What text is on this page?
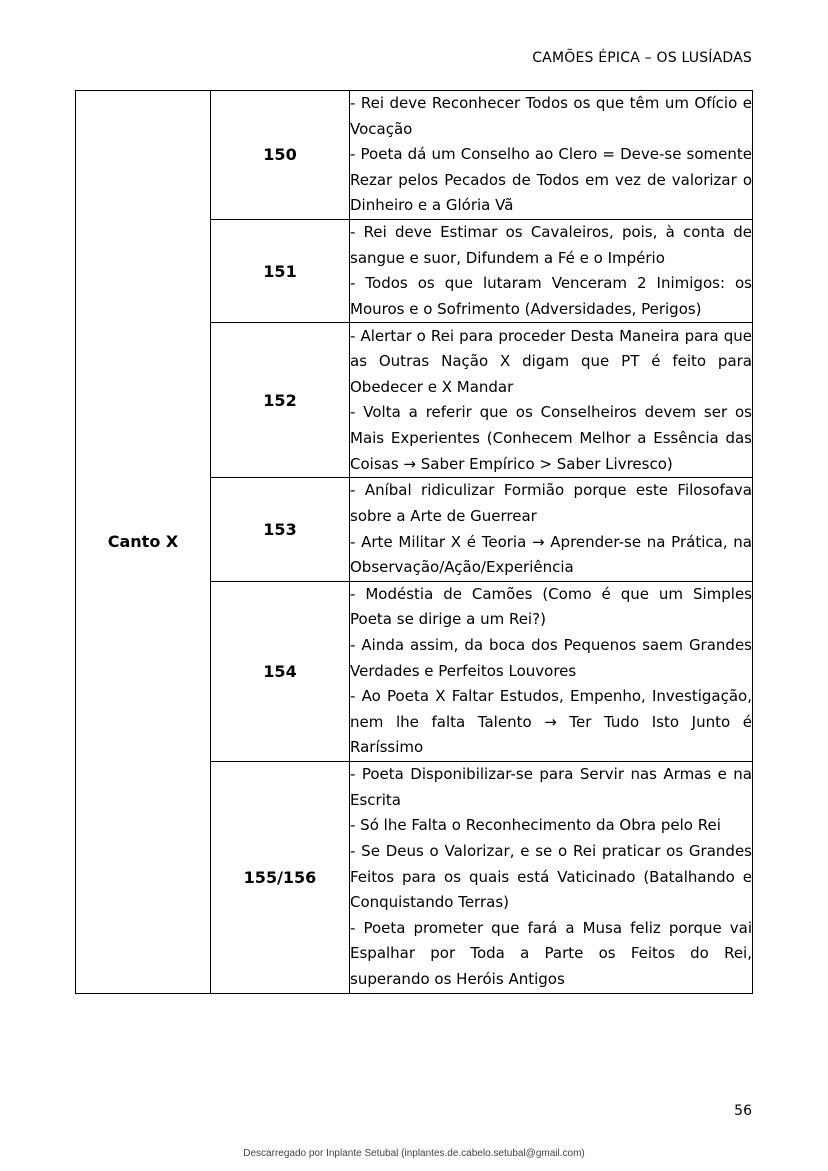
CAMÕES ÉPICA – OS LUSÍADAS
Canto X	150	- Rei deve Reconhecer Todos os que têm um Ofício e Vocação
- Poeta dá um Conselho ao Clero = Deve-se somente Rezar pelos Pecados de Todos em vez de valorizar o Dinheiro e a Glória Vã

	151	- Rei deve Estimar os Cavaleiros, pois, à conta de sangue e suor, Difundem a Fé e o Império
- Todos os que lutaram Venceram 2 Inimigos: os Mouros e o Sofrimento (Adversidades, Perigos)

	152	- Alertar o Rei para proceder Desta Maneira para que as Outras Nação X digam que PT é feito para Obedecer e X Mandar
- Volta a referir que os Conselheiros devem ser os Mais Experientes (Conhecem Melhor a Essência das Coisas → Saber Empírico > Saber Livresco)

	153	- Aníbal ridiculizar Formião porque este Filosofava sobre a Arte de Guerrear
- Arte Militar X é Teoria → Aprender-se na Prática, na Observação/Ação/Experiência

	154	- Modéstia de Camões (Como é que um Simples Poeta se dirige a um Rei?)
- Ainda assim, da boca dos Pequenos saem Grandes Verdades e Perfeitos Louvores
- Ao Poeta X Faltar Estudos, Empenho, Investigação, nem lhe falta Talento → Ter Tudo Isto Junto é Raríssimo

	155/156	- Poeta Disponibilizar-se para Servir nas Armas e na Escrita
- Só lhe Falta o Reconhecimento da Obra pelo Rei
- Se Deus o Valorizar, e se o Rei praticar os Grandes Feitos para os quais está Vaticinado (Batalhando e Conquistando Terras)
- Poeta prometer que fará a Musa feliz porque vai Espalhar por Toda a Parte os Feitos do Rei, superando os Heróis Antigos
56
Descarregado por Inplante Setubal (inplantes.de.cabelo.setubal@gmail.com)
